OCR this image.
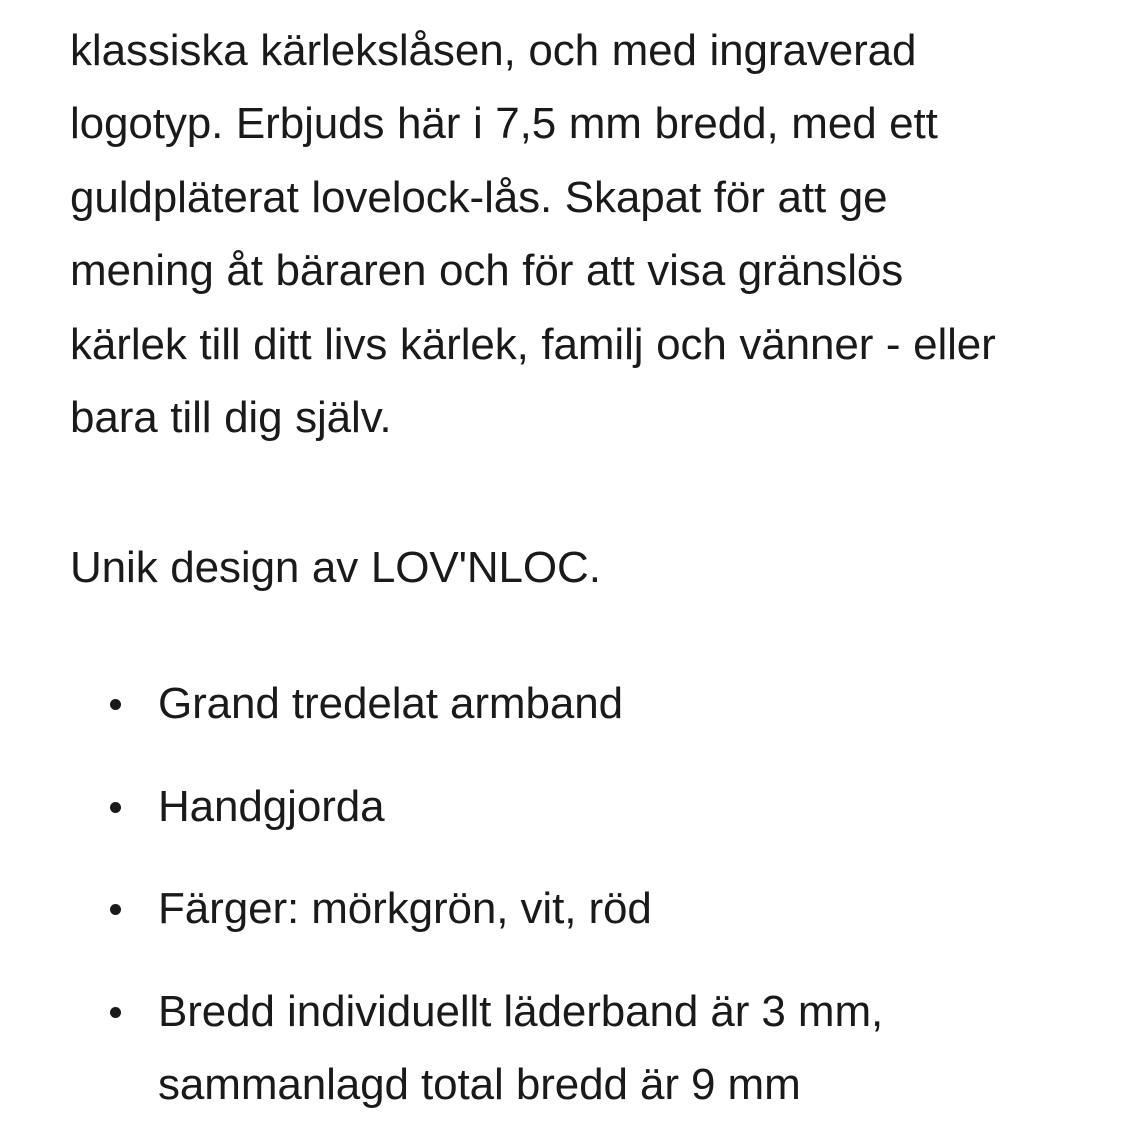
klassiska kärlekslåsen, och med ingraverad

logotyp. Erbjuds här i 7,5 mm bredd, med ett

guldpläterat lovelock-lås. Skapat för att ge

mening åt bäraren och för att visa gränslös

kärlek till ditt livs kärlek, familj och vänner - eller

bara till dig själv.

Unik design av LOV'NLOC.

Grand tredelat armband
Handgjorda
Färger: mörkgrön, vit, röd
Bredd individuellt läderband är 3 mm,
sammanlagd total bredd är 9 mm
